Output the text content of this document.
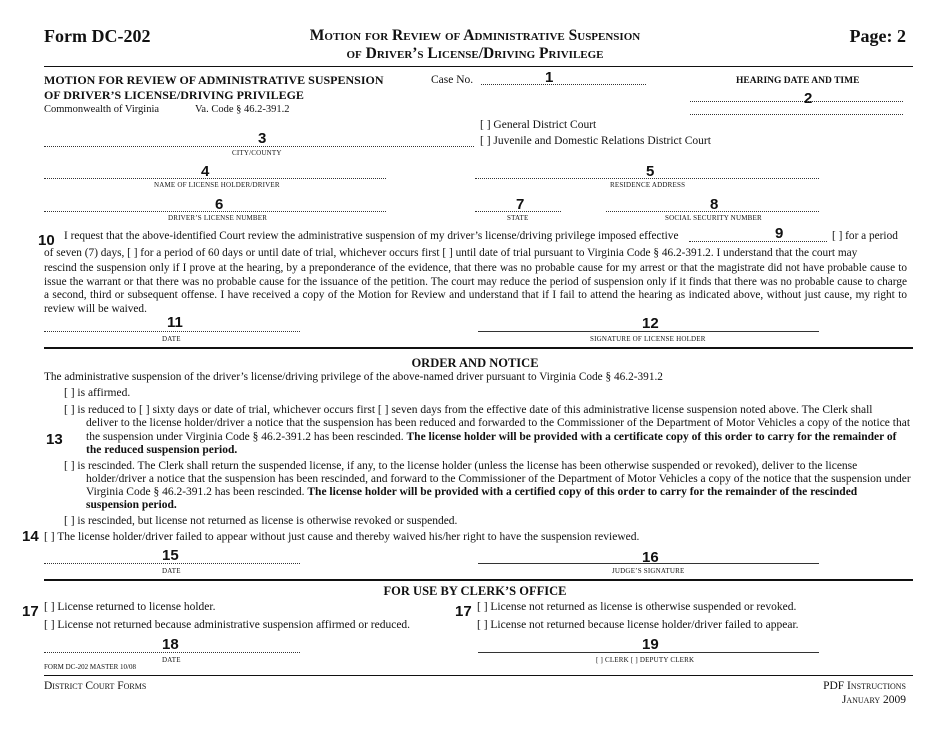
Form DC-202	Motion for Review of Administrative Suspension
of Driver’s License/Driving Privilege
Page: 2
MOTION FOR REVIEW OF ADMINISTRATIVE SUSPENSION
OF DRIVER’S LICENSE/DRIVING PRIVILEGE
Commonwealth of Virginia	Va. Code § 46.2-391.2
Case No.	1	HEARING DATE AND TIME
2
[ ] General District Court
[ ] Juvenile and Domestic Relations District Court
3
CITY/COUNTY
4
NAME OF LICENSE HOLDER/DRIVER
5
RESIDENCE ADDRESS
6
DRIVER’S LICENSE NUMBER
7
STATE
8
SOCIAL SECURITY NUMBER
10 I request that the above-identified Court review the administrative suspension of my driver’s license/driving privilege imposed effective	9	[ ] for a period
of seven (7) days, [ ] for a period of 60 days or until date of trial, whichever occurs first [ ] until date of trial pursuant to Virginia Code § 46.2-391.2. I understand that the court may
rescind the suspension only if I prove at the hearing, by a preponderance of the evidence, that there was no probable cause for my arrest or that the magistrate did not have probable cause to issue the warrant or that there was no probable cause for the issuance of the petition. The court may reduce the period of suspension only if it finds that there was no probable cause to charge a second, third or subsequent offense. I have received a copy of the Motion for Review and understand that if I fail to attend the hearing as indicated above, without just cause, my right to review will be waived.
11
DATE
12
SIGNATURE OF LICENSE HOLDER
ORDER AND NOTICE
The administrative suspension of the driver’s license/driving privilege of the above-named driver pursuant to Virginia Code § 46.2-391.2
[ ] is affirmed.
[ ] is reduced to [ ] sixty days or date of trial, whichever occurs first [ ] seven days from the effective date of this administrative license suspension noted above. The Clerk shall
deliver to the license holder/driver a notice that the suspension has been reduced and forwarded to the Commissioner of the Department of Motor Vehicles a copy of the notice that
13 the suspension under Virginia Code § 46.2-391.2 has been rescinded. The license holder will be provided with a certificate copy of this order to carry for the remainder of
the reduced suspension period.
[ ] is rescinded. The Clerk shall return the suspended license, if any, to the license holder (unless the license has been otherwise suspended or revoked), deliver to the license
holder/driver a notice that the suspension has been rescinded, and forward to the Commissioner of the Department of Motor Vehicles a copy of the notice that the suspension under
Virginia Code § 46.2-391.2 has been rescinded. The license holder will be provided with a certified copy of this order to carry for the remainder of the rescinded
suspension period.
[ ] is rescinded, but license not returned as license is otherwise revoked or suspended.
14 [ ] The license holder/driver failed to appear without just cause and thereby waived his/her right to have the suspension reviewed.
15
DATE
16
JUDGE’S SIGNATURE
FOR USE BY CLERK’S OFFICE
17 [ ] License returned to license holder.
[ ] License not returned because administrative suspension affirmed or reduced.
17 [ ] License not returned as license is otherwise suspended or revoked.
[ ] License not returned because license holder/driver failed to appear.
18
DATE
19
[ ] CLERK [ ] DEPUTY CLERK
FORM DC-202 MASTER 10/08
District Court Forms	PDF Instructions
January 2009
